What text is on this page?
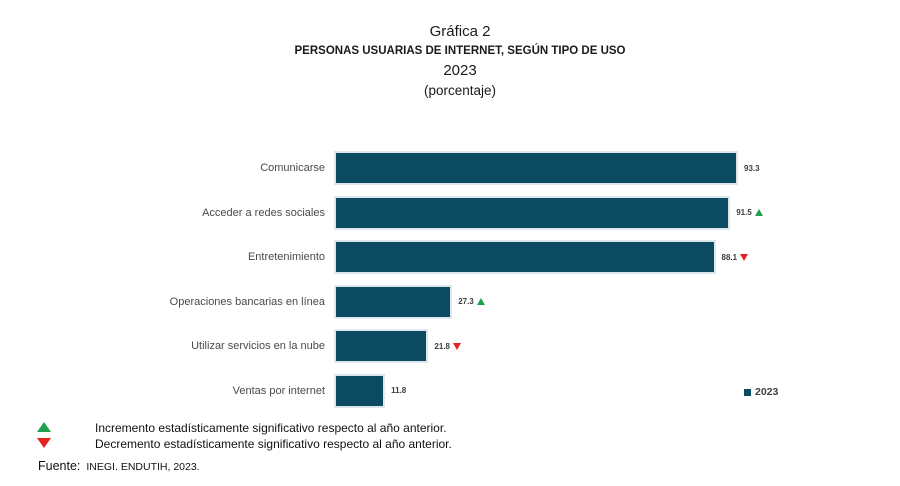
Gráfica 2
PERSONAS USUARIAS DE INTERNET, SEGÚN TIPO DE USO
2023
(porcentaje)
Comunicarse	93.3
Acceder a redes sociales	91.5
Entretenimiento	88.1
Operaciones bancarias en línea	27.3
Utilizar servicios en la nube	21.8
Ventas por internet	11.8	2023
Incremento estadísticamente significativo respecto al año anterior.
Decremento estadísticamente significativo respecto al año anterior.
Fuente: INEGI. ENDUTIH, 2023.
